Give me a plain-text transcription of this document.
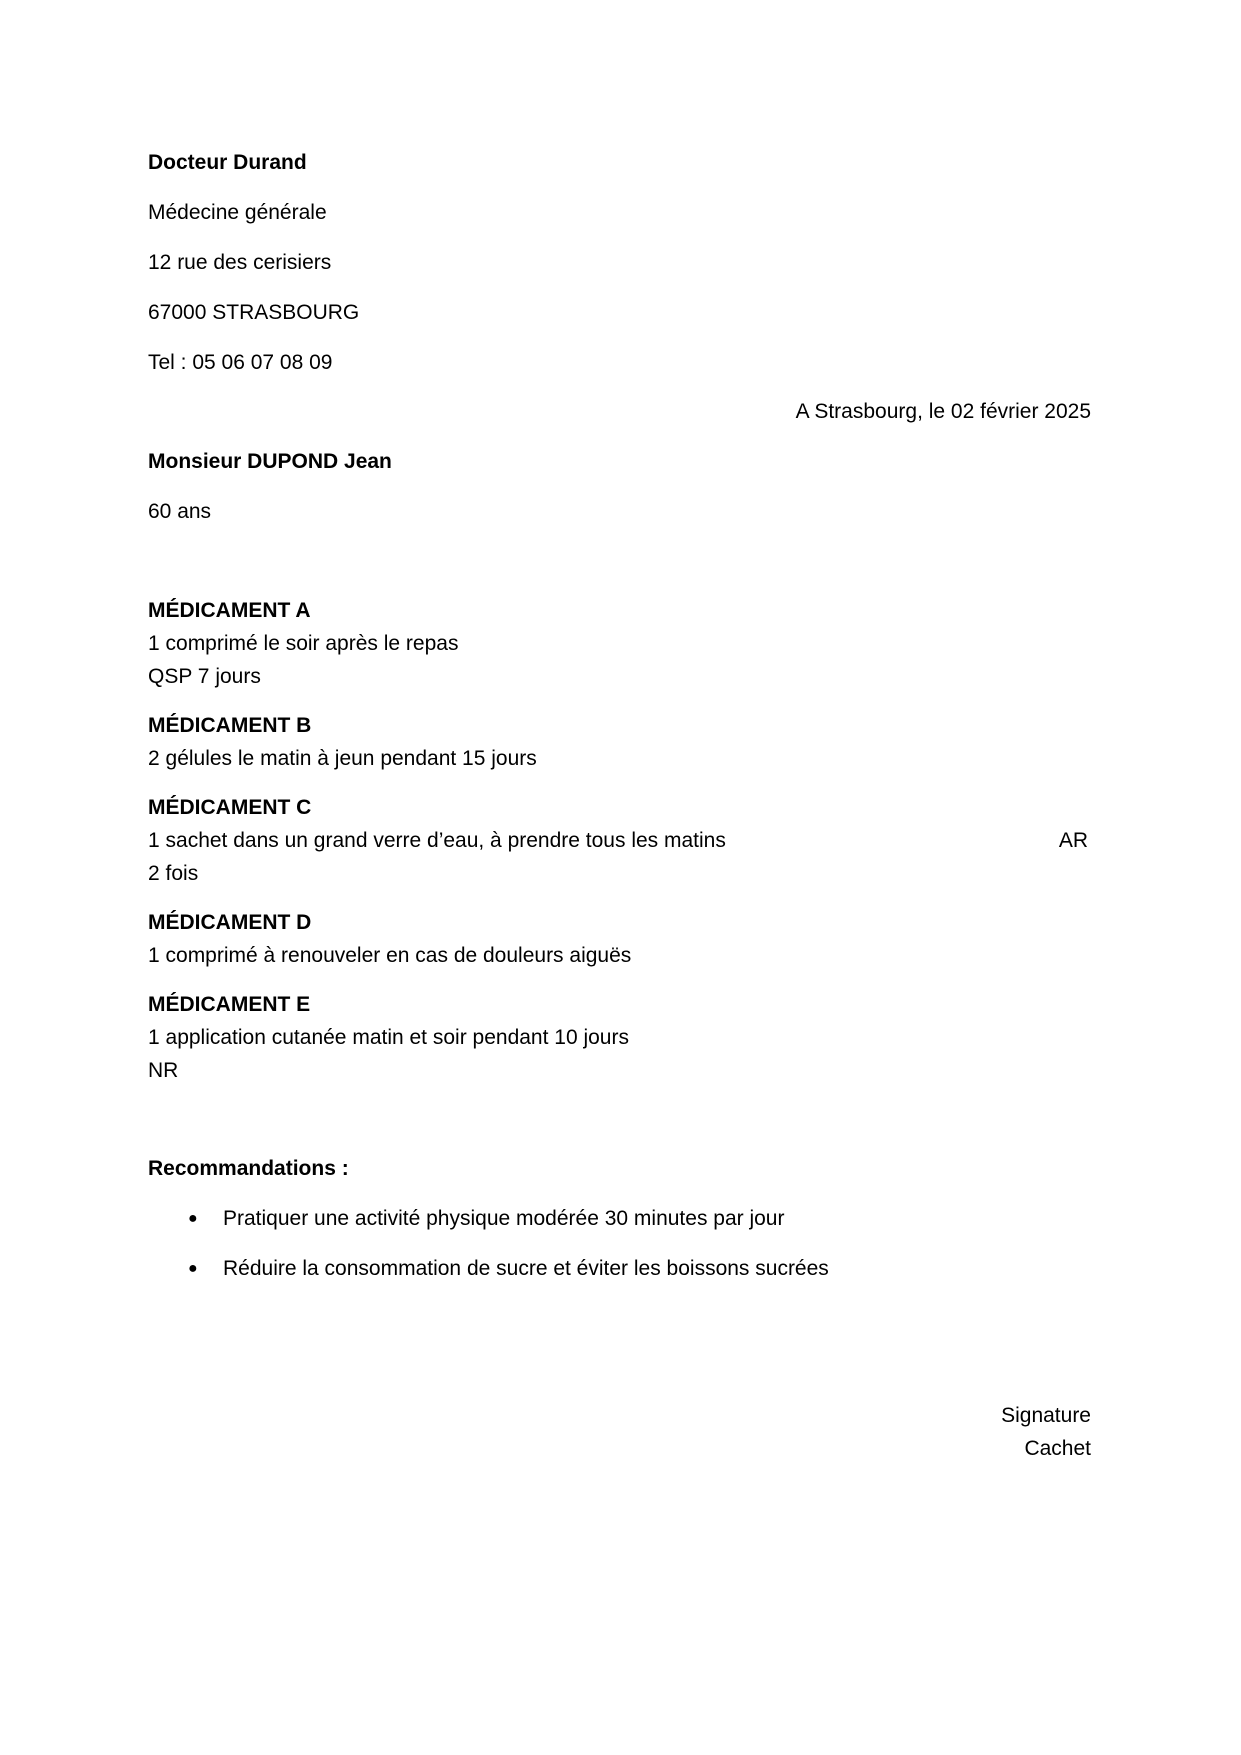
Docteur Durand
Médecine générale
12 rue des cerisiers
67000 STRASBOURG
Tel : 05 06 07 08 09
A Strasbourg, le 02 février 2025
Monsieur DUPOND Jean
60 ans
MÉDICAMENT A
1 comprimé le soir après le repas
QSP 7 jours
MÉDICAMENT B
2 gélules le matin à jeun pendant 15 jours
MÉDICAMENT C
1 sachet dans un grand verre d’eau, à prendre tous les matins	AR
2 fois
MÉDICAMENT D
1 comprimé à renouveler en cas de douleurs aiguës
MÉDICAMENT E
1 application cutanée matin et soir pendant 10 jours
NR
Recommandations :
● Pratiquer une activité physique modérée 30 minutes par jour
● Réduire la consommation de sucre et éviter les boissons sucrées
Signature
Cachet
